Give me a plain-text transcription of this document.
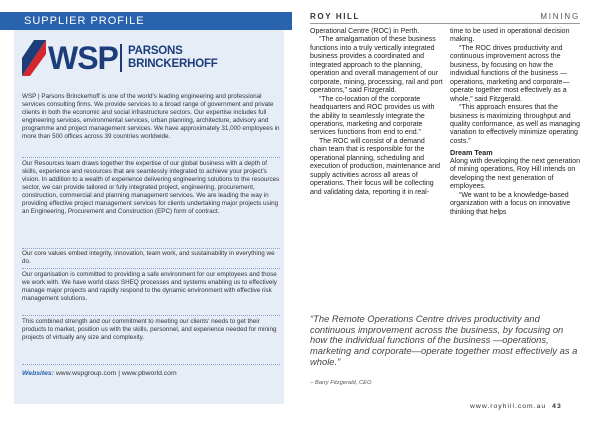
SUPPLIER PROFILE
WSP PARSONS
BRINCKERHOFF

WSP | Parsons Brinckerhoff is one of the world's leading engineering and professional services consulting firms. We provide services to a broad range of government and private clients in both the economic and social infrastructure sectors. Our expertise includes full engineering services, environmental services, urban planning, architecture, advisory and programme and project management services. We have approximately 31,000 employees in more than 500 offices across 39 countries worldwide.

Our Resources team draws together the expertise of our global business with a depth of skills, experience and resources that are seamlessly integrated to achieve your project's vision. In addition to a wealth of experience delivering engineering solutions to the resources sector, we can provide tailored or fully integrated project, engineering, procurement, construction, commercial and planning management services. We are leading the way in providing effective project management services for clients undertaking major projects using an Engineering, Procurement and Construction (EPC) form of contract.

Our core values embed integrity, innovation, team work, and sustainability in everything we do.

Our organisation is committed to providing a safe environment for our employees and those we work with. We have world class SHEQ processes and systems enabling us to effectively manage major projects and rapidly respond to the dynamic environment with effective risk management solutions.

This combined strength and our commitment to meeting our clients' needs to get their products to market, position us with the skills, personnel, and experience needed for mining projects of virtually any size and complexity.

Websites: www.wspgroup.com | www.pbworld.com
ROY HILL	MINING

Operational Centre (ROC) in Perth.

“The amalgamation of these business functions into a truly vertically integrated business provides a coordinated and integrated approach to the planning, operation and overall management of our corporate, mining, processing, rail and port operations,” said Fitzgerald.

“The co-location of the corporate headquarters and ROC provides us with the ability to seamlessly integrate the operations, marketing and corporate services functions from end to end.”

The ROC will consist of a demand chain team that is responsible for the operational planning, scheduling and execution of production, maintenance and supply activities across all areas of operations. Their focus will be collecting and validating data, reporting it in real-

time to be used in operational decision making.

“The ROC drives productivity and continuous improvement across the business, by focusing on how the individual functions of the business —operations, marketing and corporate—operate together most effectively as a whole,” said Fitzgerald.

“This approach ensures that the business is maximizing throughput and quality conformance, as well as managing variation to effectively minimize operating costs.”

Dream Team

Along with developing the next generation of mining operations, Roy Hill intends on developing the next generation of employees.

“We want to be a knowledge-based organization with a focus on innovative thinking that helps

“The Remote Operations Centre drives productivity and continuous improvement across the business, by focusing on how the individual functions of the business —operations, marketing and corporate—operate together most effectively as a whole.”
– Barry Fitzgerald, CEO
www.royhill.com.au 43
